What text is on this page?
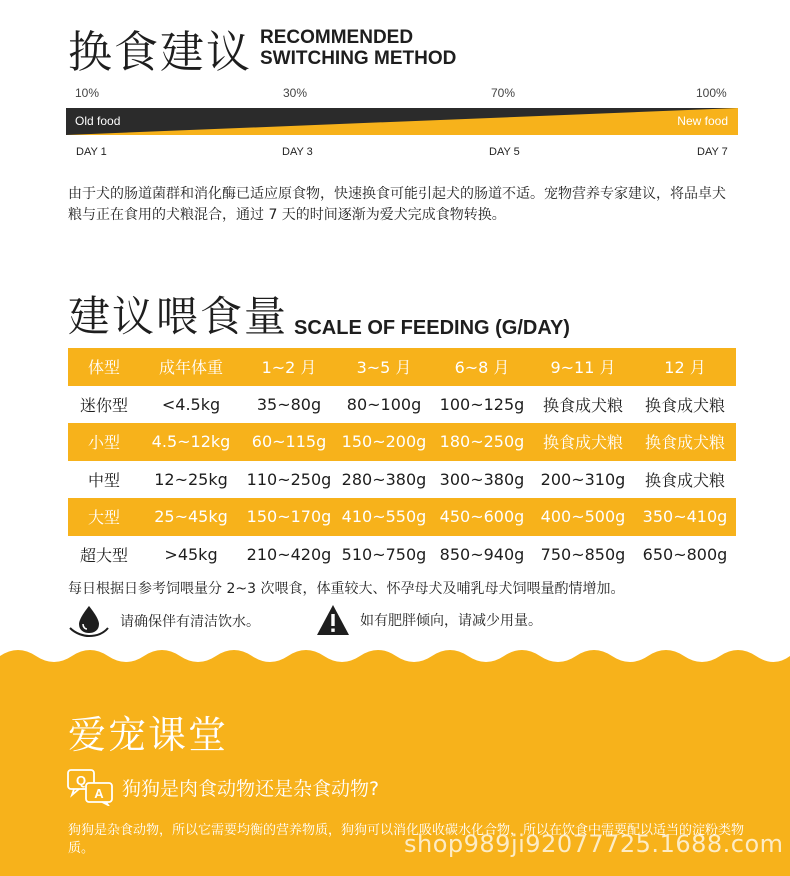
换食建议 RECOMMENDED
SWITCHING METHOD
10%	30%	70%	100%
Old food	New food
DAY 1	DAY 3	DAY 5	DAY 7

由于犬的肠道菌群和消化酶已适应原食物，快速换食可能引起犬的肠道不适。宠物营养专家建议，将品卓犬粮与正在食用的犬粮混合，通过 7 天的时间逐渐为爱犬完成食物转换。

建议喂食量 SCALE OF FEEDING (G/DAY)
体型	成年体重	1~2 月	3~5 月	6~8 月	9~11 月	12 月
迷你型	<4.5kg	35~80g	80~100g	100~125g	换食成犬粮	换食成犬粮
小型	4.5~12kg	60~115g	150~200g	180~250g	换食成犬粮	换食成犬粮
中型	12~25kg	110~250g	280~380g	300~380g	200~310g	换食成犬粮
大型	25~45kg	150~170g	410~550g	450~600g	400~500g	350~410g
超大型	>45kg	210~420g	510~750g	850~940g	750~850g	650~800g

每日根据日参考饲喂量分 2~3 次喂食，体重较大、怀孕母犬及哺乳母犬饲喂量酌情增加。

请确保伴有清洁饮水。	如有肥胖倾向，请减少用量。
爱宠课堂
Q
A 狗狗是肉食动物还是杂食动物?

狗狗是杂食动物，所以它需要均衡的营养物质，狗狗可以消化吸收碳水化合物，所以在饮食中需要配以适当的淀粉类物质。	shop989ji92077725.1688.com
